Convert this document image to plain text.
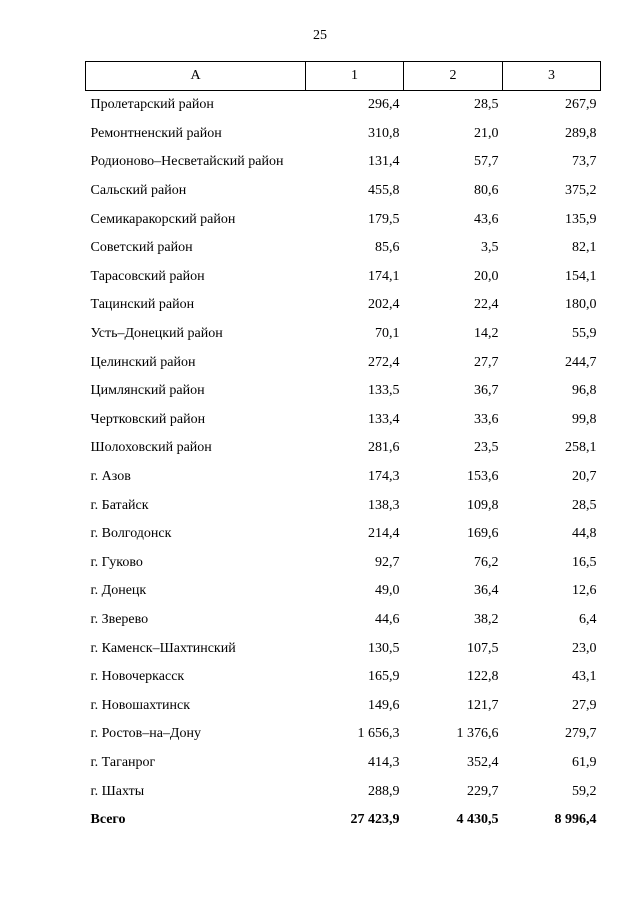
25
А	1	2	3
Пролетарский район	296,4	28,5	267,9
Ремонтненский район	310,8	21,0	289,8
Родионово–Несветайский район	131,4	57,7	73,7
Сальский район	455,8	80,6	375,2
Семикаракорский район	179,5	43,6	135,9
Советский район	85,6	3,5	82,1
Тарасовский район	174,1	20,0	154,1
Тацинский район	202,4	22,4	180,0
Усть–Донецкий район	70,1	14,2	55,9
Целинский район	272,4	27,7	244,7
Цимлянский район	133,5	36,7	96,8
Чертковский район	133,4	33,6	99,8
Шолоховский район	281,6	23,5	258,1
г. Азов	174,3	153,6	20,7
г. Батайск	138,3	109,8	28,5
г. Волгодонск	214,4	169,6	44,8
г. Гуково	92,7	76,2	16,5
г. Донецк	49,0	36,4	12,6
г. Зверево	44,6	38,2	6,4
г. Каменск–Шахтинский	130,5	107,5	23,0
г. Новочеркасск	165,9	122,8	43,1
г. Новошахтинск	149,6	121,7	27,9
г. Ростов–на–Дону	1 656,3	1 376,6	279,7
г. Таганрог	414,3	352,4	61,9
г. Шахты	288,9	229,7	59,2
Всего	27 423,9	4 430,5	8 996,4
